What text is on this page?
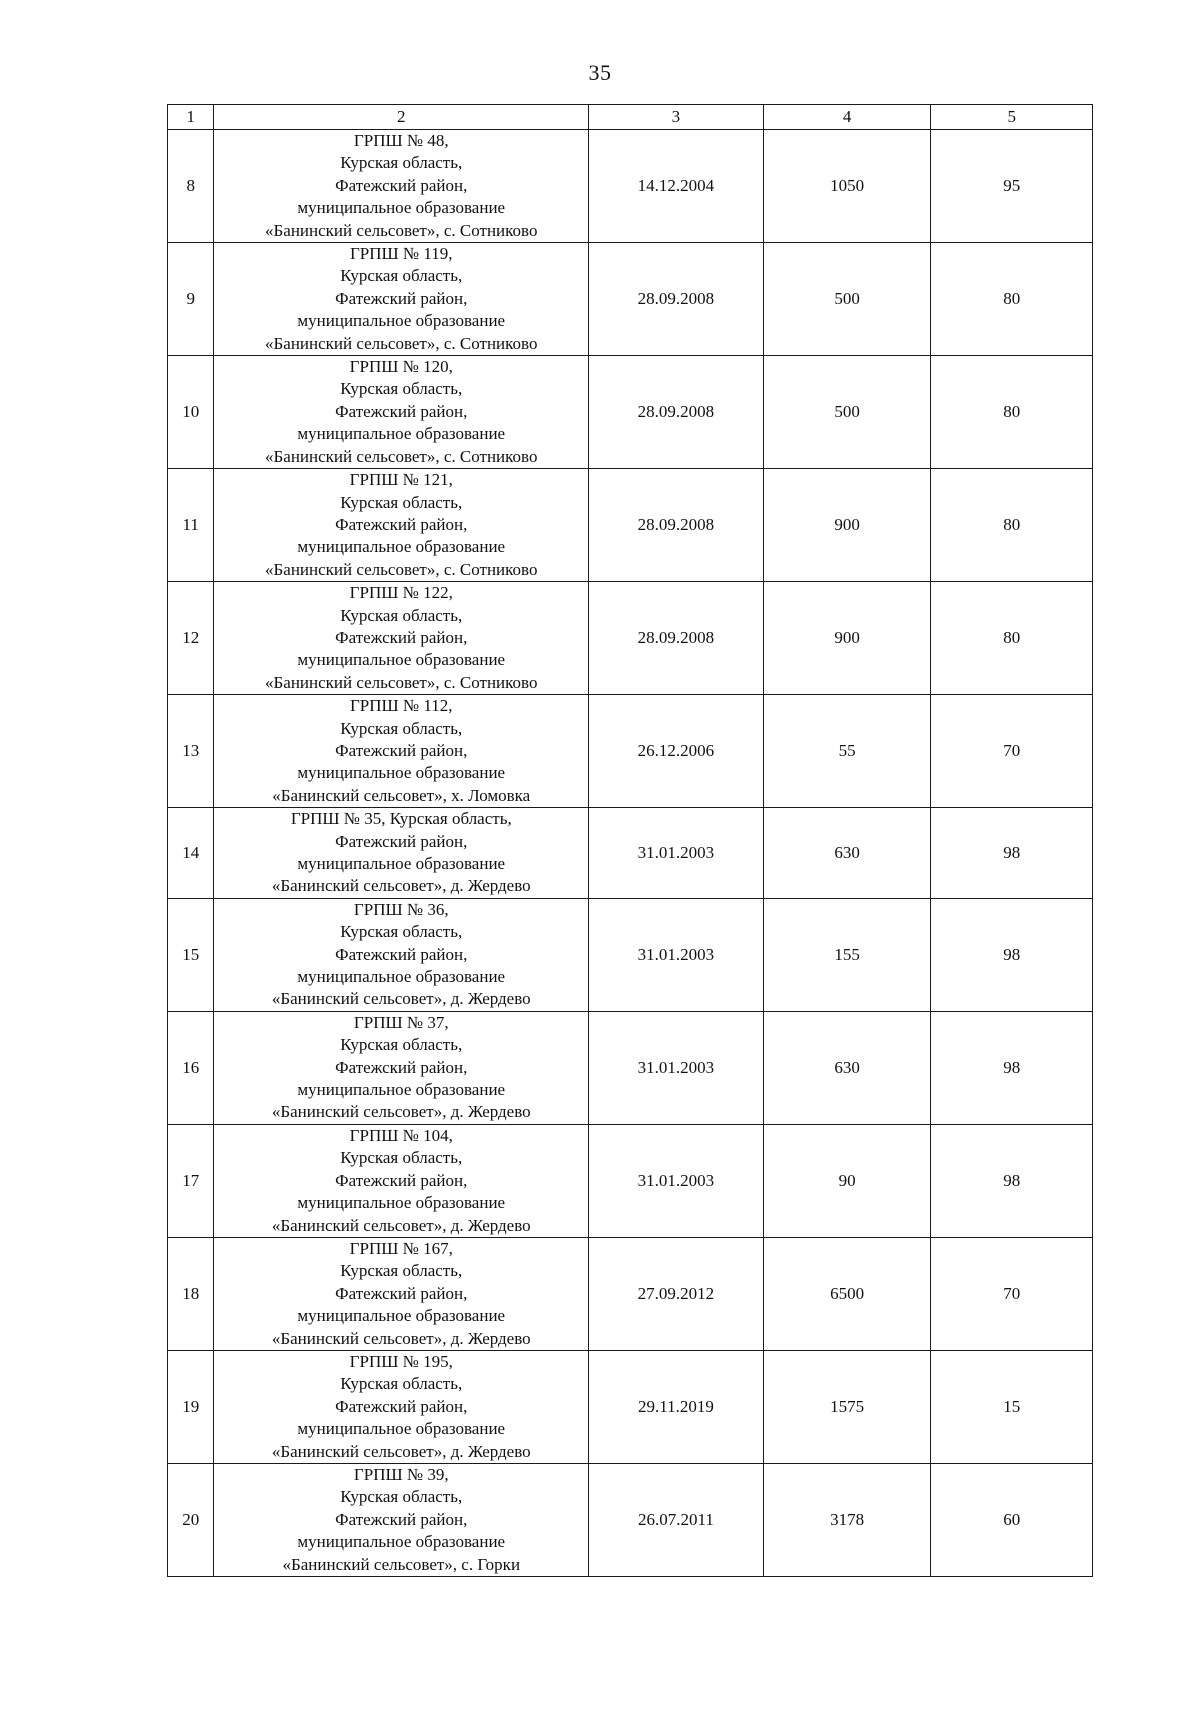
35
1	2	3	4	5
8	ГРПШ № 48,
Курская область,
Фатежский район,
муниципальное образование
«Банинский сельсовет», с. Сотниково	14.12.2004	1050	95
9	ГРПШ № 119,
Курская область,
Фатежский район,
муниципальное образование
«Банинский сельсовет», с. Сотниково	28.09.2008	500	80
10	ГРПШ № 120,
Курская область,
Фатежский район,
муниципальное образование
«Банинский сельсовет», с. Сотниково	28.09.2008	500	80
11	ГРПШ № 121,
Курская область,
Фатежский район,
муниципальное образование
«Банинский сельсовет», с. Сотниково	28.09.2008	900	80
12	ГРПШ № 122,
Курская область,
Фатежский район,
муниципальное образование
«Банинский сельсовет», с. Сотниково	28.09.2008	900	80
13	ГРПШ № 112,
Курская область,
Фатежский район,
муниципальное образование
«Банинский сельсовет», х. Ломовка	26.12.2006	55	70
14	ГРПШ № 35, Курская область,
Фатежский район,
муниципальное образование
«Банинский сельсовет», д. Жердево	31.01.2003	630	98
15	ГРПШ № 36,
Курская область,
Фатежский район,
муниципальное образование
«Банинский сельсовет», д. Жердево	31.01.2003	155	98
16	ГРПШ № 37,
Курская область,
Фатежский район,
муниципальное образование
«Банинский сельсовет», д. Жердево	31.01.2003	630	98
17	ГРПШ № 104,
Курская область,
Фатежский район,
муниципальное образование
«Банинский сельсовет», д. Жердево	31.01.2003	90	98
18	ГРПШ № 167,
Курская область,
Фатежский район,
муниципальное образование
«Банинский сельсовет», д. Жердево	27.09.2012	6500	70
19	ГРПШ № 195,
Курская область,
Фатежский район,
муниципальное образование
«Банинский сельсовет», д. Жердево	29.11.2019	1575	15
20	ГРПШ № 39,
Курская область,
Фатежский район,
муниципальное образование
«Банинский сельсовет», с. Горки	26.07.2011	3178	60
